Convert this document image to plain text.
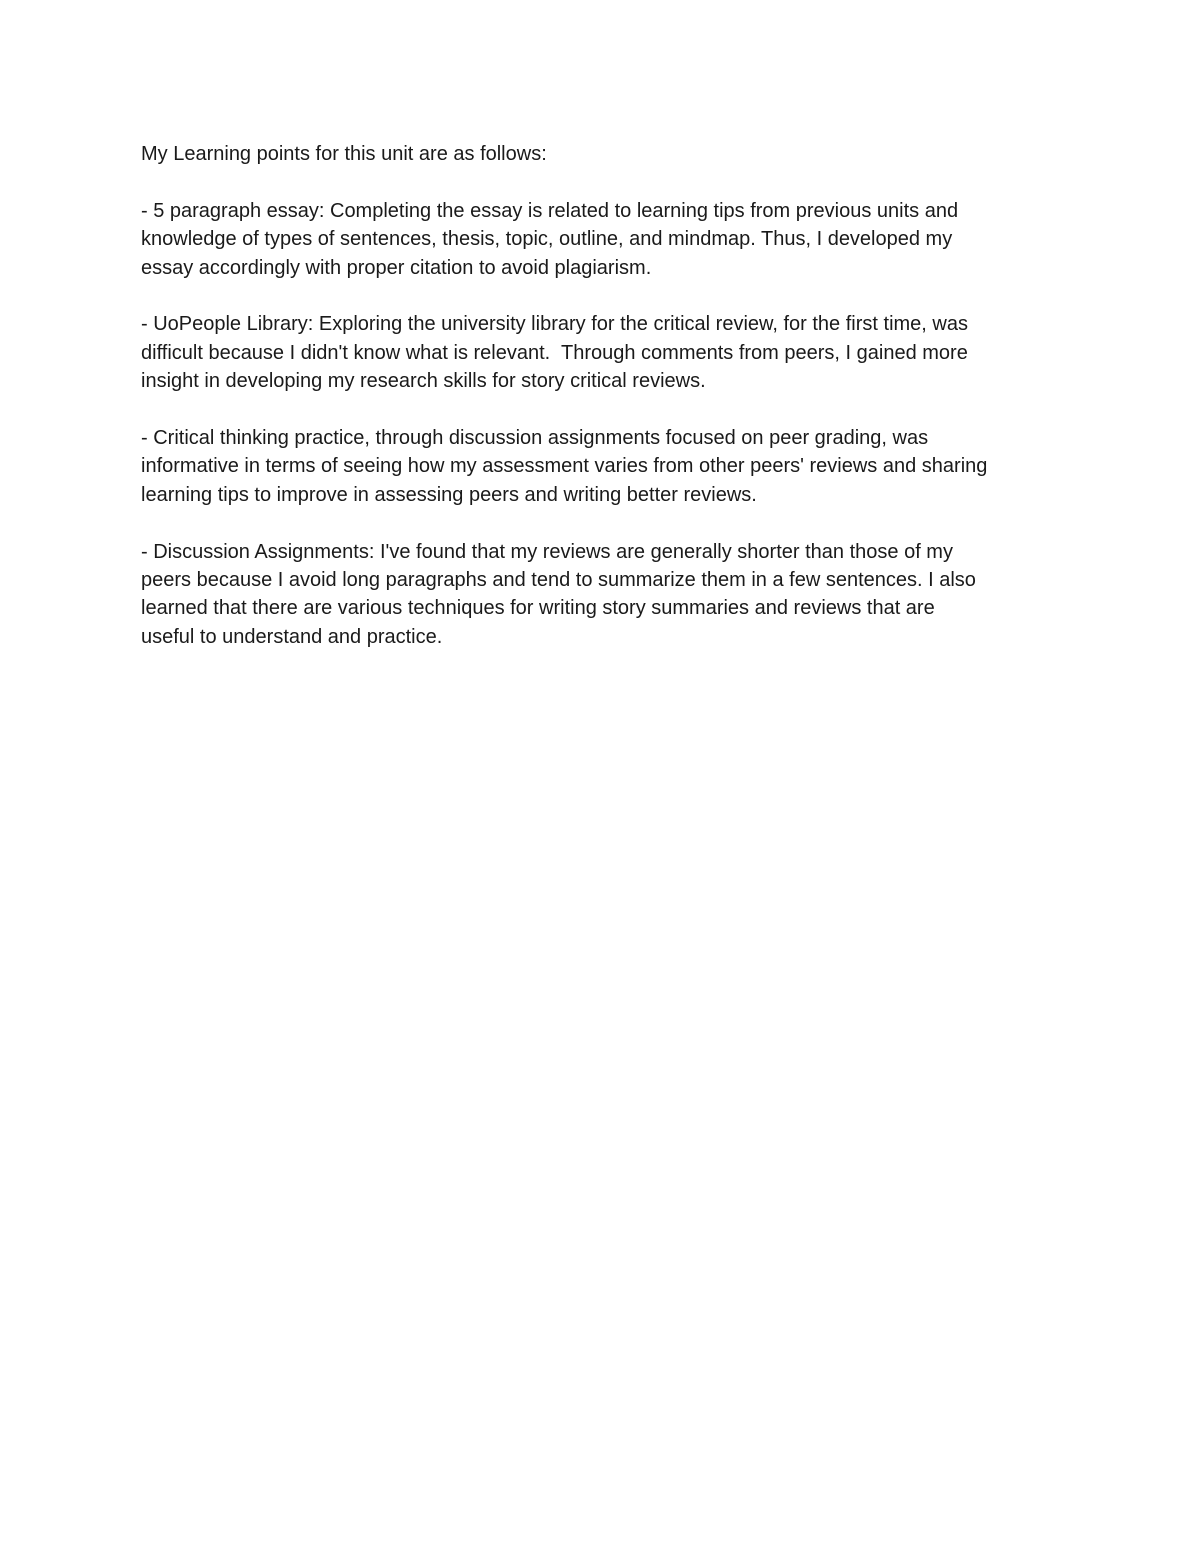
My Learning points for this unit are as follows:

- 5 paragraph essay: Completing the essay is related to learning tips from previous units and
knowledge of types of sentences, thesis, topic, outline, and mindmap. Thus, I developed my
essay accordingly with proper citation to avoid plagiarism.

- UoPeople Library: Exploring the university library for the critical review, for the first time, was
difficult because I didn't know what is relevant.  Through comments from peers, I gained more
insight in developing my research skills for story critical reviews.

- Critical thinking practice, through discussion assignments focused on peer grading, was
informative in terms of seeing how my assessment varies from other peers' reviews and sharing
learning tips to improve in assessing peers and writing better reviews.

- Discussion Assignments: I've found that my reviews are generally shorter than those of my
peers because I avoid long paragraphs and tend to summarize them in a few sentences. I also
learned that there are various techniques for writing story summaries and reviews that are
useful to understand and practice.
